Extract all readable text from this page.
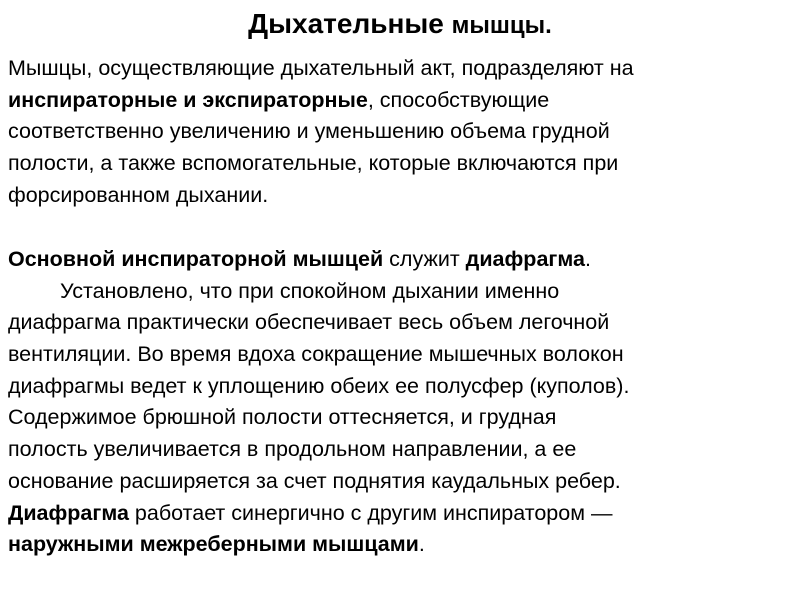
Дыхательные мышцы.
Мышцы, осуществляющие дыхательный акт, подразделяют на
инспираторные и экспираторные, способствующие
соответственно увеличению и уменьшению объема грудной
полости, а также вспомогательные, которые включаются при
форсированном дыхании.
Основной инспираторной мышцей служит диафрагма.
Установлено, что при спокойном дыхании именно
диафрагма практически обеспечивает весь объем легочной
вентиляции. Во время вдоха сокращение мышечных волокон
диафрагмы ведет к уплощению обеих ее полусфер (куполов).
Содержимое брюшной полости оттесняется, и грудная
полость увеличивается в продольном направлении, а ее
основание расширяется за счет поднятия каудальных ребер.
Диафрагма работает синергично с другим инспиратором —
наружными межреберными мышцами.
